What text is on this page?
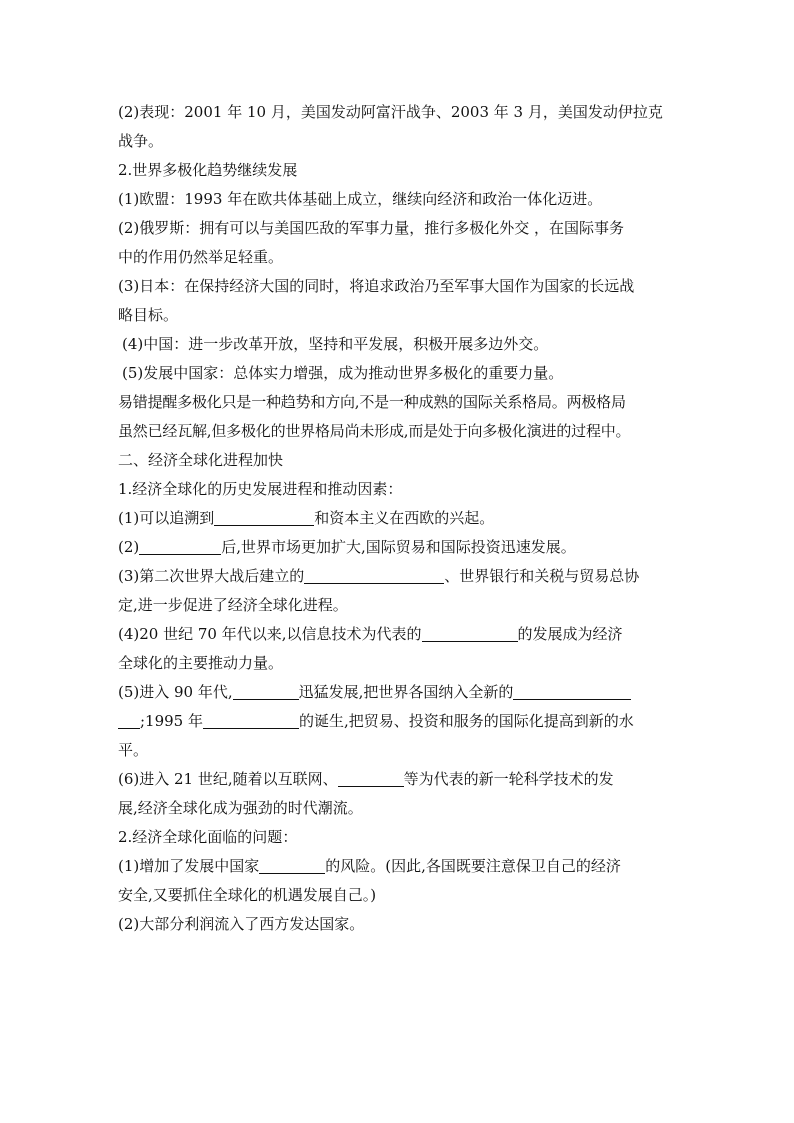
(2)表现：2001 年 10 月，美国发动阿富汗战争、2003 年 3 月，美国发动伊拉克
战争。
2.世界多极化趋势继续发展
(1)欧盟：1993 年在欧共体基础上成立，继续向经济和政治一体化迈进。
(2)俄罗斯：拥有可以与美国匹敌的军事力量，推行多极化外交 ，在国际事务
中的作用仍然举足轻重。
(3)日本：在保持经济大国的同时，将追求政治乃至军事大国作为国家的长远战
略目标。
(4)中国：进一步改革开放，坚持和平发展，积极开展多边外交。
(5)发展中国家：总体实力增强，成为推动世界多极化的重要力量。
易错提醒多极化只是一种趋势和方向,不是一种成熟的国际关系格局。两极格局
虽然已经瓦解,但多极化的世界格局尚未形成,而是处于向多极化演进的过程中。
二、经济全球化进程加快
1.经济全球化的历史发展进程和推动因素：
(1)可以追溯到	和资本主义在西欧的兴起。
(2)	后,世界市场更加扩大,国际贸易和国际投资迅速发展。
(3)第二次世界大战后建立的	、世界银行和关税与贸易总协
定,进一步促进了经济全球化进程。
(4)20 世纪 70 年代以来,以信息技术为代表的	的发展成为经济
全球化的主要推动力量。
(5)进入 90 年代,	迅猛发展,把世界各国纳入全新的
;1995 年	的诞生,把贸易、投资和服务的国际化提高到新的水
平。
(6)进入 21 世纪,随着以互联网、	等为代表的新一轮科学技术的发
展,经济全球化成为强劲的时代潮流。
2.经济全球化面临的问题：
(1)增加了发展中国家	的风险。(因此,各国既要注意保卫自己的经济
安全,又要抓住全球化的机遇发展自己。)
(2)大部分利润流入了西方发达国家。
